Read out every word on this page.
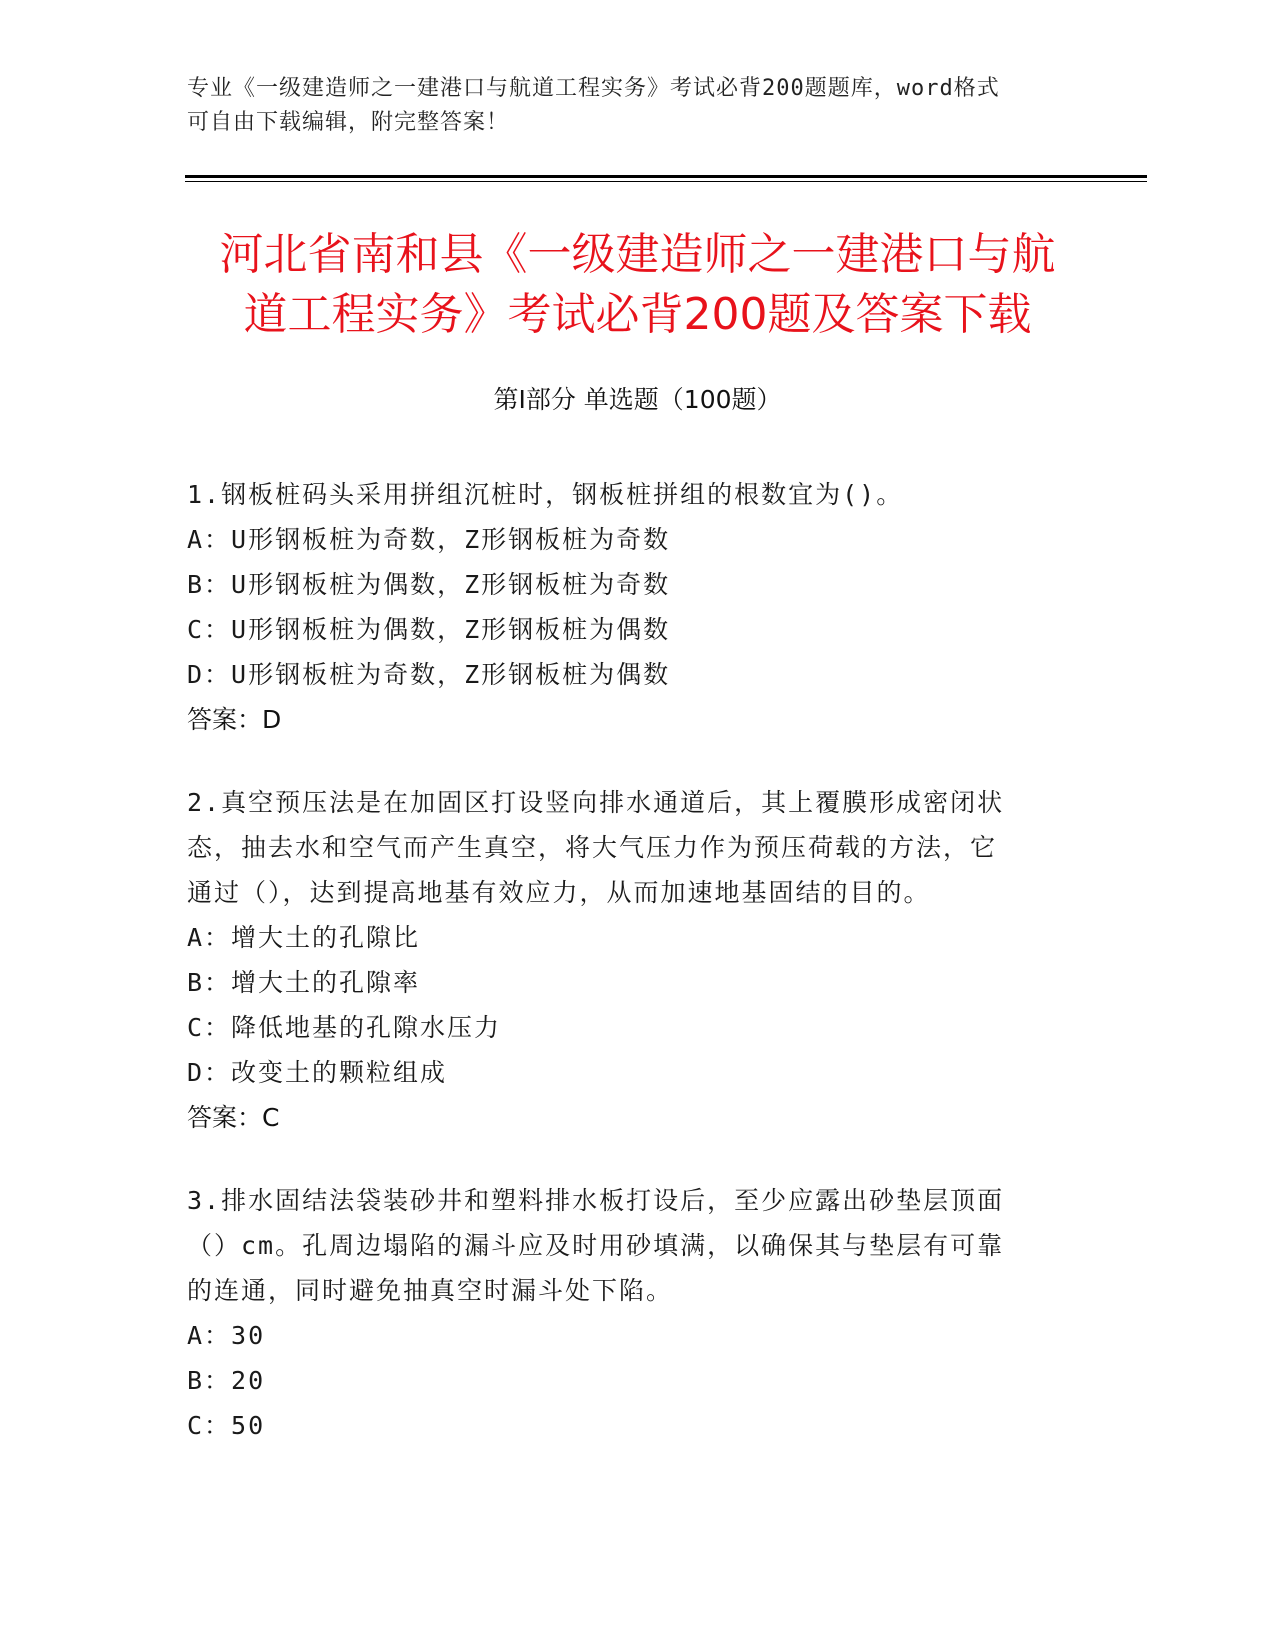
专业《一级建造师之一建港口与航道工程实务》考试必背200题题库，word格式
可自由下载编辑，附完整答案！
河北省南和县《一级建造师之一建港口与航
道工程实务》考试必背200题及答案下载
第Ⅰ部分 单选题（100题）
1.钢板桩码头采用拼组沉桩时，钢板桩拼组的根数宜为()。
A：U形钢板桩为奇数，Z形钢板桩为奇数
B：U形钢板桩为偶数，Z形钢板桩为奇数
C：U形钢板桩为偶数，Z形钢板桩为偶数
D：U形钢板桩为奇数，Z形钢板桩为偶数
答案：D
2.真空预压法是在加固区打设竖向排水通道后，其上覆膜形成密闭状
态，抽去水和空气而产生真空，将大气压力作为预压荷载的方法，它
通过（），达到提高地基有效应力，从而加速地基固结的目的。
A：增大土的孔隙比
B：增大土的孔隙率
C：降低地基的孔隙水压力
D：改变土的颗粒组成
答案：C
3.排水固结法袋装砂井和塑料排水板打设后，至少应露出砂垫层顶面
（）cm。孔周边塌陷的漏斗应及时用砂填满，以确保其与垫层有可靠
的连通，同时避免抽真空时漏斗处下陷。
A：30
B：20
C：50
